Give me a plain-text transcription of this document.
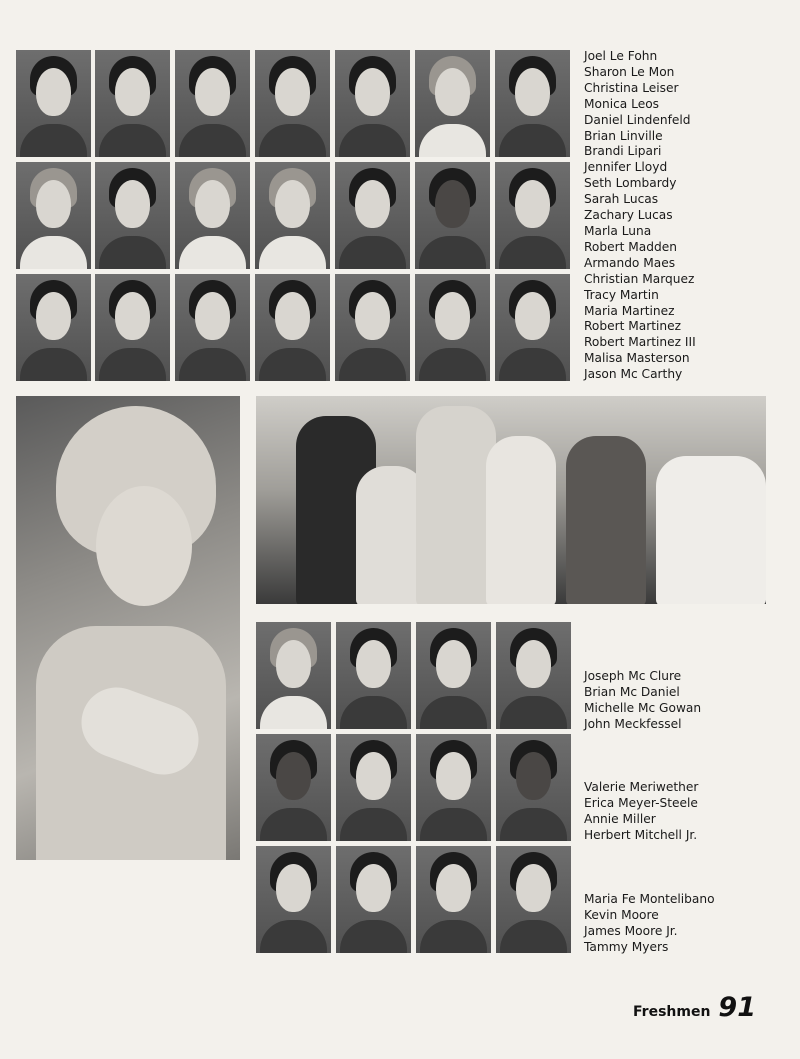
Joel Le Fohn
Sharon Le Mon
Christina Leiser
Monica Leos
Daniel Lindenfeld
Brian Linville
Brandi Lipari
Jennifer Lloyd
Seth Lombardy
Sarah Lucas
Zachary Lucas
Marla Luna
Robert Madden
Armando Maes
Christian Marquez
Tracy Martin
Maria Martinez
Robert Martinez
Robert Martinez III
Malisa Masterson
Jason Mc Carthy
Joseph Mc Clure
Brian Mc Daniel
Michelle Mc Gowan
John Meckfessel
Valerie Meriwether
Erica Meyer-Steele
Annie Miller
Herbert Mitchell Jr.
Maria Fe Montelibano
Kevin Moore
James Moore Jr.
Tammy Myers
Freshmen 91
